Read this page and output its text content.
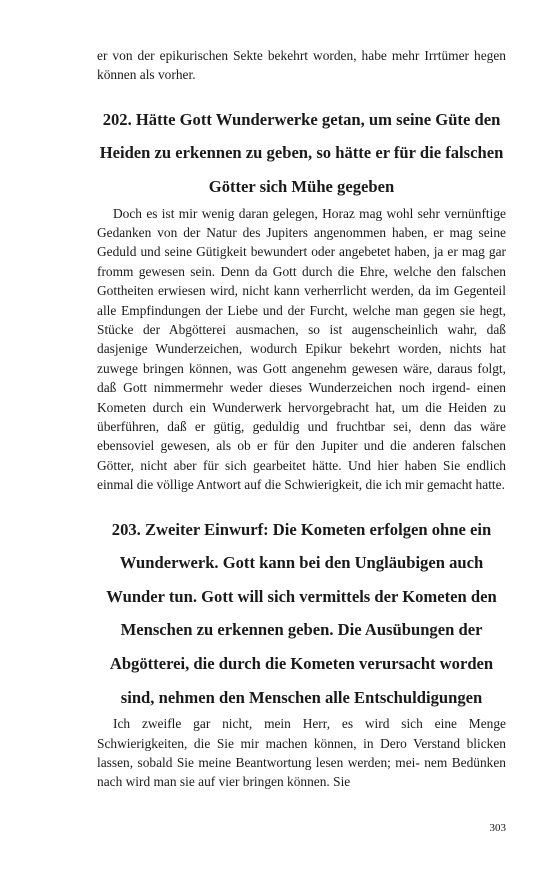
er von der epikurischen Sekte bekehrt worden, habe mehr Irrtümer hegen können als vorher.

202. Hätte Gott Wunderwerke getan, um seine Güte den Heiden zu erkennen zu geben, so hätte er für die falschen Götter sich Mühe gegeben

Doch es ist mir wenig daran gelegen, Horaz mag wohl sehr vernünftige Gedanken von der Natur des Jupiters angenommen haben, er mag seine Geduld und seine Gütigkeit bewundert oder angebetet haben, ja er mag gar fromm gewesen sein. Denn da Gott durch die Ehre, welche den falschen Gottheiten erwiesen wird, nicht kann verherrlicht werden, da im Gegenteil alle Empfindungen der Liebe und der Furcht, welche man gegen sie hegt, Stücke der Abgötterei ausmachen, so ist augenscheinlich wahr, daß dasjenige Wunderzeichen, wodurch Epikur bekehrt worden, nichts hat zuwege bringen können, was Gott angenehm gewesen wäre, daraus folgt, daß Gott nimmermehr weder dieses Wunderzeichen noch irgend- einen Kometen durch ein Wunderwerk hervorgebracht hat, um die Heiden zu überführen, daß er gütig, geduldig und fruchtbar sei, denn das wäre ebensoviel gewesen, als ob er für den Jupiter und die anderen falschen Götter, nicht aber für sich gearbeitet hätte. Und hier haben Sie endlich einmal die völlige Antwort auf die Schwierigkeit, die ich mir gemacht hatte.

203. Zweiter Einwurf: Die Kometen erfolgen ohne ein Wunderwerk. Gott kann bei den Ungläubigen auch Wunder tun. Gott will sich vermittels der Kometen den Menschen zu erkennen geben. Die Ausübungen der Abgötterei, die durch die Kometen verursacht worden sind, nehmen den Menschen alle Entschuldigungen

Ich zweifle gar nicht, mein Herr, es wird sich eine Menge Schwierigkeiten, die Sie mir machen können, in Dero Verstand blicken lassen, sobald Sie meine Beantwortung lesen werden; mei- nem Bedünken nach wird man sie auf vier bringen können. Sie

303
